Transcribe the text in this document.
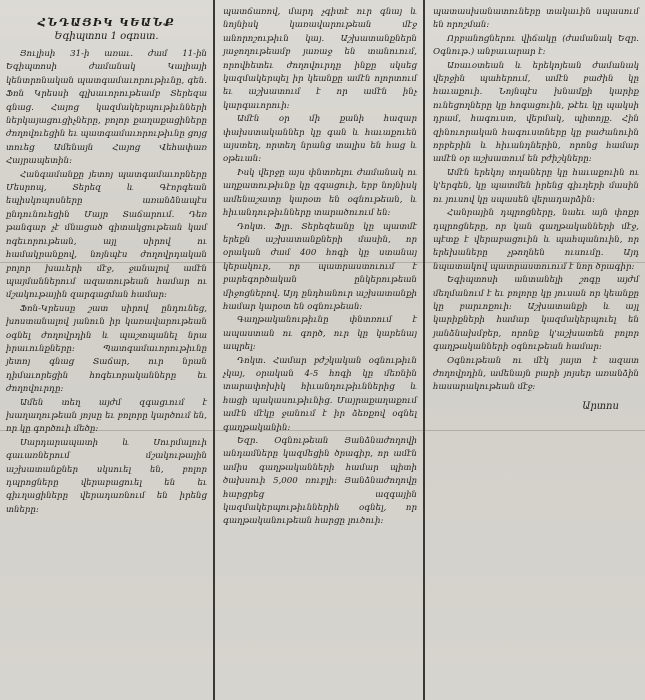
ՀՆԴԱՅԻԿ ԿԵԱՆՔ
Եգիպտոս 1 օգոստ.

Յուլիսի 31-ի առաւ. ժամ 11-ին Եգիպտոսի ժամանակ Կալիայի կենտրոնական պատգամաւորութիւնը, գեն. Ֆոն Կրեսսի գլխաւորութեամբ Տերեզա գնաց. Հայոց կազմակերպութիւնների ներկայացուցիչները, բոլոր քաղաքացիները ժողովուեցին եւ պատգամաւորութիւնը ցոյց տուեց Ամենայն Հայոց Վեհափառ Հայրապետին:

Հանգամանքը յետոյ պատգամաւորները Մեսրոպ, Տերեզ և Գէորգեան եպիսկոպոսները առանձնապէս ընդունուեցին Մայր Տաճարում. Դեռ թանգար չէ մնացած գիտակցութեան կամ ոգեւորութեան, այլ սիրով ու համակրանքով, նոյնպէս ժողովրդական բոլոր խաւերի մէջ, ջանալով ամէն պայմաններում ազատութեան համար ու մշակութային զարգացման համար:

Ֆոն-Կրեսսը շատ սիրով ընդունեց, խոստանալով յանուն իր կառավարութեան օգնել ժողովրդին և պաշտպանել նրա իրաւունքները: Պատգամաւորութիւնը յետոյ գնաց Տաճար, ուր նրան դիմաւորեցին հոգեւորականները եւ ժողովուրդը:

Ամեն տեղ այժմ զգացւում է խաղաղութեան յոյսը եւ բոլորը կարծում են, որ կը գործուի մեծը:

Սարդարապատի և Սուրմալուի գաւառներում մշակութային աշխատանքներ սկսուել են, բոլոր դպրոցները վերաբացուել են եւ գիւղացիները վերադառնում են իրենց տները:

պատճառով, մարդ չգիտէ ուր գնայ և նոյնիսկ կառավարութեան մէջ անորոշութիւն կայ. Աշխատանքներն յաջողութեամբ յառաջ են տանուում, որովհետեւ ժողովուրդը ինքը սկսեց կազմակերպել իր կեանքը ամէն ոլորտում եւ աշխատում է որ ամէն ինչ կարգաւորուի:

Ամէն օր մի քանի հազար փախստականներ կը գան և հաւաքուեն այստեղ, որտեղ նրանց տալիս են հաց և օթեւան:

Իսկ վերջը այս փնտռելու ժամանակ ու աղքատութիւնը կը զգացուի, երբ նոյնիսկ ամենաշատը կարօտ են օգնութեան, և հիւանդութիւնները տարածուում են:

Դոկտ. Ֆլր. Տերեզեանը կը պատմէ երեքն աշխատանքների մասին, որ օրական ժամ 400 հոգի կը ստանայ կերակուր, որ պատրաստուում է բարեգործական ընկերութեան միջոցներով. Այդ ընդհանուր աշխատանքի համար կարօտ են օգնութեան:

Գաղթականութիւնը փնտռում է ապաստան ու գործ, ուր կը կարենայ ապրել:

Դոկտ. Համար բժշկական օգնութիւն չկայ, օրական 4-5 հոգի կը մեռնին տարափոխիկ հիւանդութիւններից և հացի պակասութիւնից. Մայրաքաղաքում ամէն մէկը ջանում է իր ձեռքով օգնել գաղթականին:

Եզր. Օգնութեան Յանձնաժողովի անդամները կազմեցին ծրագիր, որ ամէն ամիս գաղթականների համար պիտի ծախսուի 5,000 ռուբլի: Յանձնաժողովը հարցրեց ազգային կազմակերպութիւններին օգնել, որ գաղթականութեան հարցը լուծուի:

պատասխանատուները տակաւին սպասում են որոշման:

Որբանոցներու վիճակը (ժամանակ Եզր. Օգնութ.) անբաւարար է:

Առաւօտեան և երեկոյեան ժամանակ վերջին պահերում, ամէն բաժին կը հաւաքուի. Նոյնպէս խնամքի կարիք ունեցողները կը հոգացուին, թէեւ կը պակսի դրամ, հագուստ, վերմակ, պիտոյք. Հին զինուորական հագուստները կը բաժանուին որբերին և հիւանդներին, որոնց համար ամէն օր աշխատում են բժիշկները:

Ամէն երեկոյ տղաները կը հաւաքուին ու կ'երգեն, կը պատմեն իրենց գիւղերի մասին ու յուսով կը սպասեն վերադարձին:

Հանրային դպրոցները, նաեւ այն փոքր դպրոցները, որ կան գաղթականների մէջ, պէտք է վերաբացուին և պահպանուին, որ երեխաները չթողնեն ուսումը. Այդ նպատակով պատրաստուում է նոր ծրագիր:

Եգիպտոսի անտանելի շոգը այժմ մեղմանում է եւ բոլորը կը յուսան որ կեանքը կը բարւոքուի: Աշխատանքի և այլ կարիքների համար կազմակերպուել են յանձնախմբեր, որոնք կ'աշխատեն բոլոր գաղթականների օգնութեան համար:

Օգնութեան ու մէկ յայտ է ազատ ժողովրդին, ամենայն բարի յոյսեր առանձին հասարակութեան մէջ:

Արտոս
